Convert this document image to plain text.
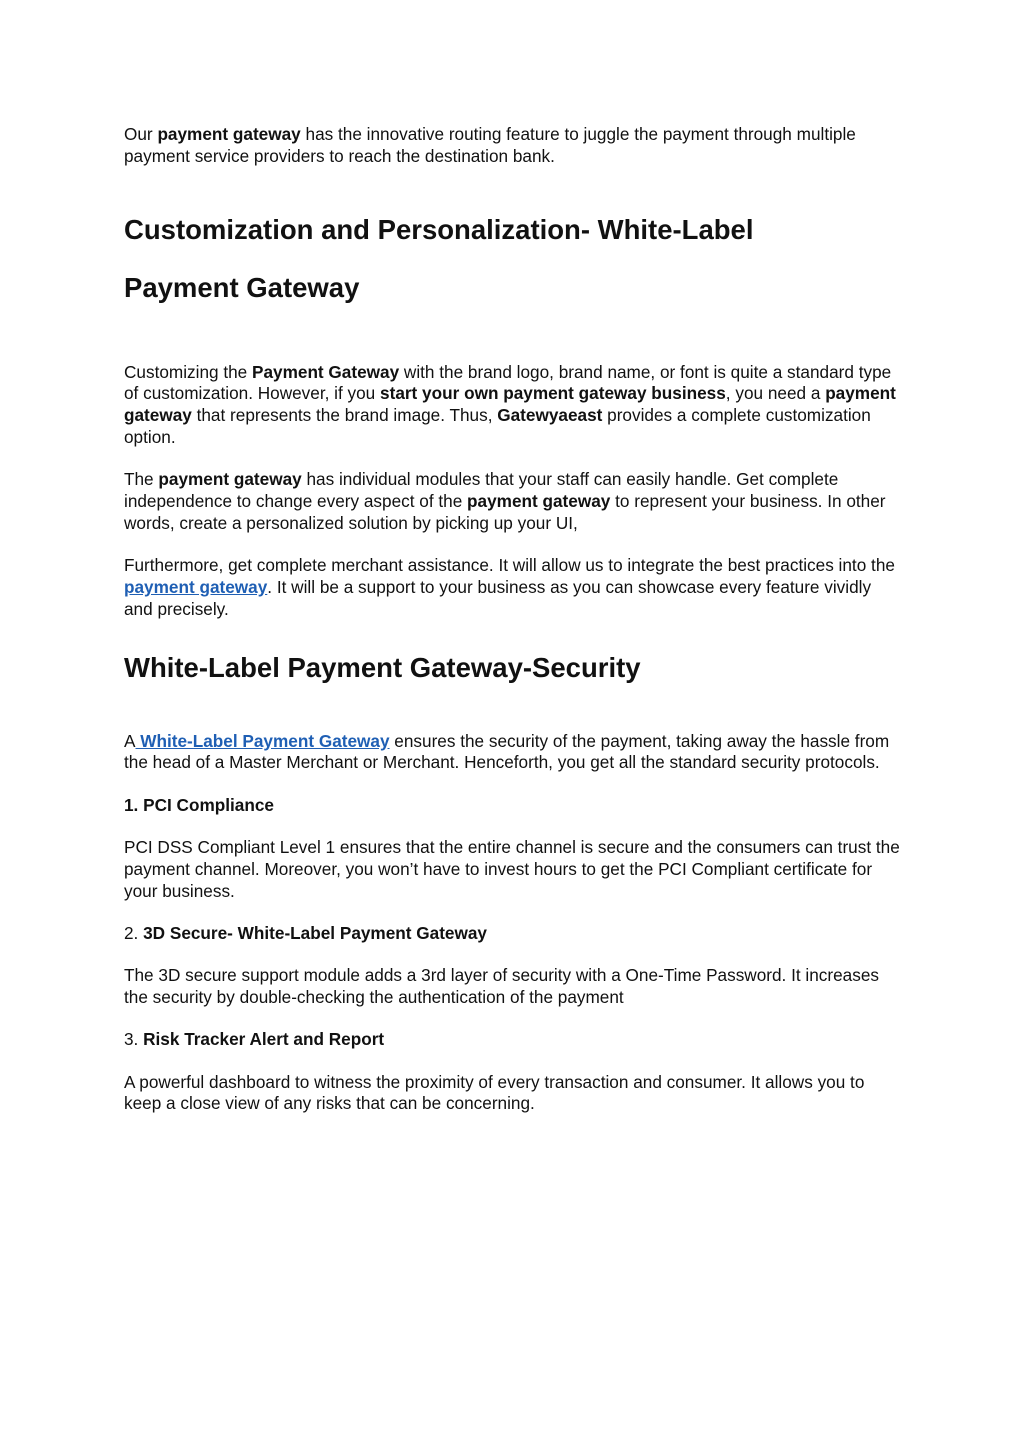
Our payment gateway has the innovative routing feature to juggle the payment through multiple payment service providers to reach the destination bank.

Customization and Personalization- White-Label
Payment Gateway

Customizing the Payment Gateway with the brand logo, brand name, or font is quite a standard type of customization. However, if you start your own payment gateway business, you need a payment gateway that represents the brand image. Thus, Gatewyaeast provides a complete customization option.

The payment gateway has individual modules that your staff can easily handle. Get complete independence to change every aspect of the payment gateway to represent your business. In other words, create a personalized solution by picking up your UI,

Furthermore, get complete merchant assistance. It will allow us to integrate the best practices into the payment gateway. It will be a support to your business as you can showcase every feature vividly and precisely.

White-Label Payment Gateway-Security

A White-Label Payment Gateway ensures the security of the payment, taking away the hassle from the head of a Master Merchant or Merchant. Henceforth, you get all the standard security protocols.

1. PCI Compliance

PCI DSS Compliant Level 1 ensures that the entire channel is secure and the consumers can trust the payment channel. Moreover, you won’t have to invest hours to get the PCI Compliant certificate for your business.

2. 3D Secure- White-Label Payment Gateway

The 3D secure support module adds a 3rd layer of security with a One-Time Password. It increases the security by double-checking the authentication of the payment

3. Risk Tracker Alert and Report

A powerful dashboard to witness the proximity of every transaction and consumer. It allows you to keep a close view of any risks that can be concerning.
